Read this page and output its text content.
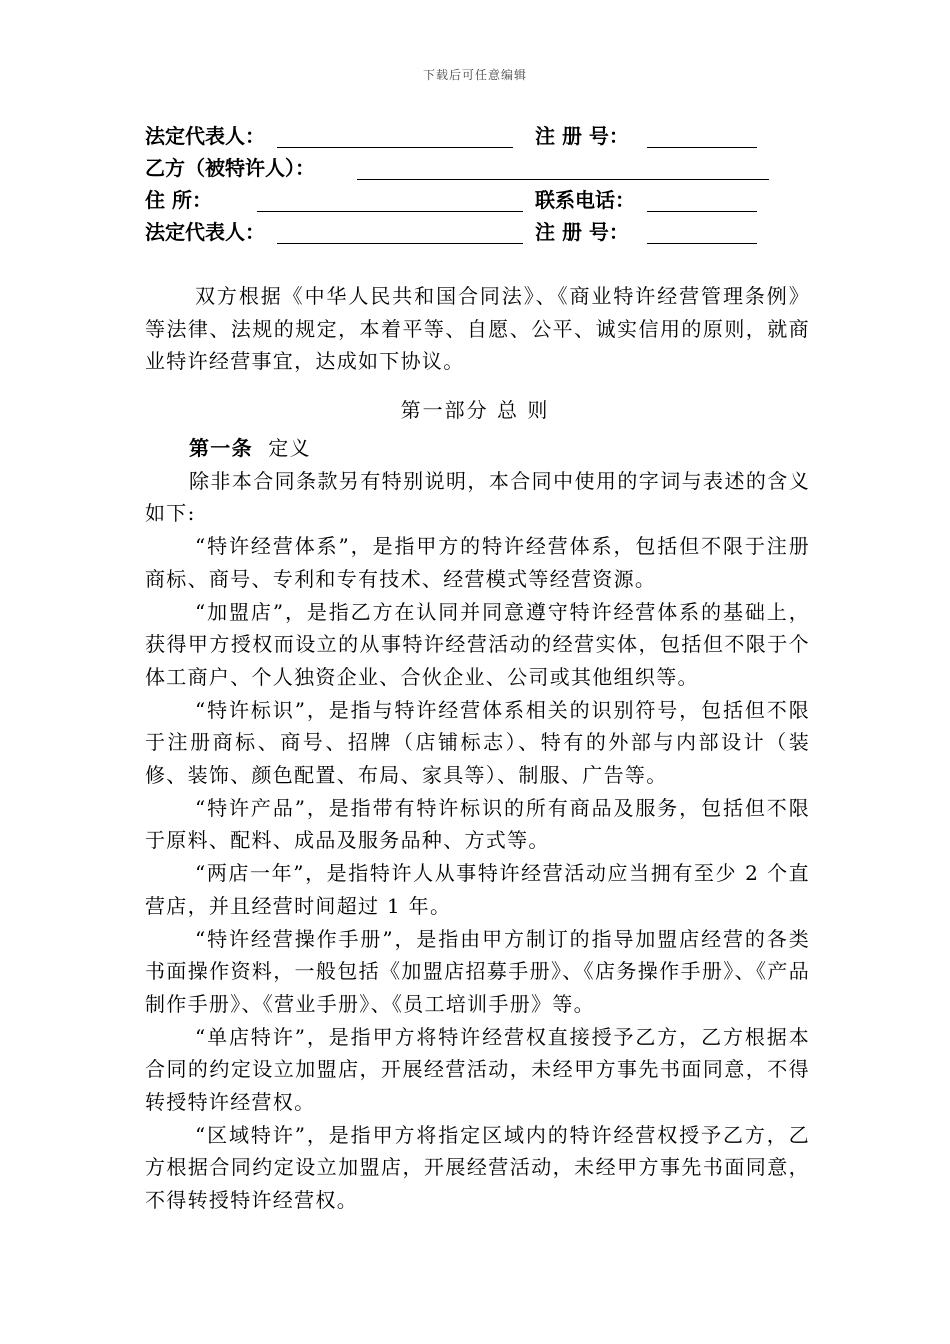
下载后可任意编辑
法定代表人：	注 册 号：
乙方（被特许人）：
住 所：	联系电话：
法定代表人：	注 册 号：

双方根据《中华人民共和国合同法》、《商业特许经营管理条例》等法律、法规的规定，本着平等、自愿、公平、诚实信用的原则，就商业特许经营事宜，达成如下协议。

第一部分 总 则

第一条 定义

除非本合同条款另有特别说明，本合同中使用的字词与表述的含义如下:

“特许经营体系”，是指甲方的特许经营体系，包括但不限于注册商标、商号、专利和专有技术、经营模式等经营资源。

“加盟店”，是指乙方在认同并同意遵守特许经营体系的基础上，获得甲方授权而设立的从事特许经营活动的经营实体，包括但不限于个体工商户、个人独资企业、合伙企业、公司或其他组织等。

“特许标识”，是指与特许经营体系相关的识别符号，包括但不限于注册商标、商号、招牌（店铺标志）、特有的外部与内部设计（装修、装饰、颜色配置、布局、家具等）、制服、广告等。

“特许产品”，是指带有特许标识的所有商品及服务，包括但不限于原料、配料、成品及服务品种、方式等。

“两店一年”，是指特许人从事特许经营活动应当拥有至少 2 个直营店，并且经营时间超过 1 年。

“特许经营操作手册”，是指由甲方制订的指导加盟店经营的各类书面操作资料，一般包括《加盟店招募手册》、《店务操作手册》、《产品制作手册》、《营业手册》、《员工培训手册》等。

“单店特许”，是指甲方将特许经营权直接授予乙方，乙方根据本合同的约定设立加盟店，开展经营活动，未经甲方事先书面同意，不得转授特许经营权。

“区域特许”，是指甲方将指定区域内的特许经营权授予乙方，乙方根据合同约定设立加盟店，开展经营活动，未经甲方事先书面同意，不得转授特许经营权。
